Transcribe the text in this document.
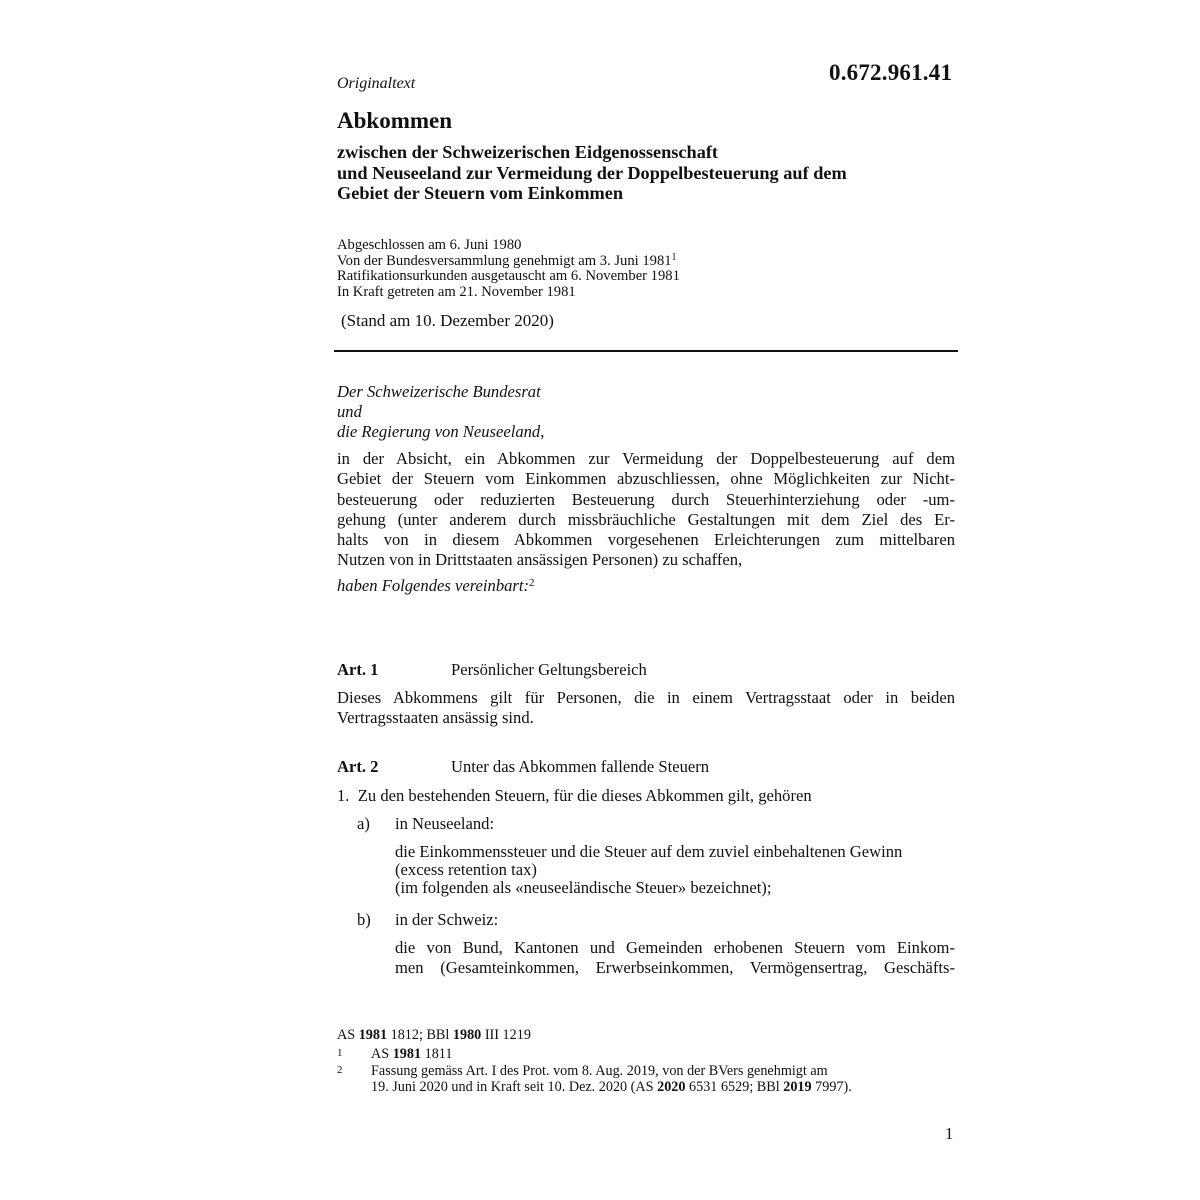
Originaltext	0.672.961.41
Abkommen
zwischen der Schweizerischen Eidgenossenschaft
und Neuseeland zur Vermeidung der Doppelbesteuerung auf dem
Gebiet der Steuern vom Einkommen
Abgeschlossen am 6. Juni 1980
Von der Bundesversammlung genehmigt am 3. Juni 1981$^1$
Ratifikationsurkunden ausgetauscht am 6. November 1981
In Kraft getreten am 21. November 1981
(Stand am 10. Dezember 2020)
Der Schweizerische Bundesrat
und
die Regierung von Neuseeland,
in der Absicht, ein Abkommen zur Vermeidung der Doppelbesteuerung auf dem
Gebiet der Steuern vom Einkommen abzuschliessen, ohne Möglichkeiten zur Nicht-
besteuerung oder reduzierten Besteuerung durch Steuerhinterziehung oder -um-
gehung (unter anderem durch missbräuchliche Gestaltungen mit dem Ziel des Er-
halts von in diesem Abkommen vorgesehenen Erleichterungen zum mittelbaren
Nutzen von in Drittstaaten ansässigen Personen) zu schaffen,
haben Folgendes vereinbart:$^2$
Art. 1	Persönlicher Geltungsbereich
Dieses Abkommens gilt für Personen, die in einem Vertragsstaat oder in beiden
Vertragsstaaten ansässig sind.
Art. 2	Unter das Abkommen fallende Steuern
1.  Zu den bestehenden Steuern, für die dieses Abkommen gilt, gehören
a) in Neuseeland:
die Einkommenssteuer und die Steuer auf dem zuviel einbehaltenen Gewinn
(excess retention tax)
(im folgenden als «neuseeländische Steuer» bezeichnet);
b) in der Schweiz:
die von Bund, Kantonen und Gemeinden erhobenen Steuern vom Einkom-
men (Gesamteinkommen, Erwerbseinkommen, Vermögensertrag, Geschäfts-
AS 1981 1812; BBl 1980 III 1219
1 AS 1981 1811
2 Fassung gemäss Art. I des Prot. vom 8. Aug. 2019, von der BVers genehmigt am
19. Juni 2020 und in Kraft seit 10. Dez. 2020 (AS 2020 6531 6529; BBl 2019 7997).
1
